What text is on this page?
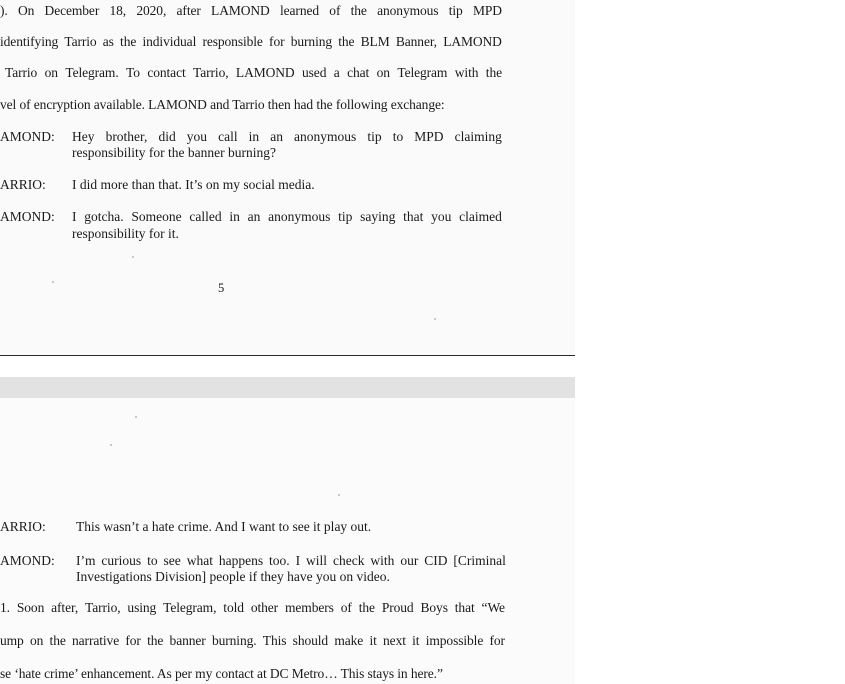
). On December 18, 2020, after LAMOND learned of the anonymous tip MPD
identifying Tarrio as the individual responsible for burning the BLM Banner, LAMOND
Tarrio on Telegram. To contact Tarrio, LAMOND used a chat on Telegram with the
vel of encryption available. LAMOND and Tarrio then had the following exchange:
AMOND: Hey brother, did you call in an anonymous tip to MPD claiming
responsibility for the banner burning?
ARRIO: I did more than that. It’s on my social media.
AMOND: I gotcha. Someone called in an anonymous tip saying that you claimed
responsibility for it.
5
ARRIO: This wasn’t a hate crime. And I want to see it play out.
AMOND: I’m curious to see what happens too. I will check with our CID [Criminal
Investigations Division] people if they have you on video.
1. Soon after, Tarrio, using Telegram, told other members of the Proud Boys that “We
ump on the narrative for the banner burning. This should make it next it impossible for
se ‘hate crime’ enhancement. As per my contact at DC Metro… This stays in here.”
